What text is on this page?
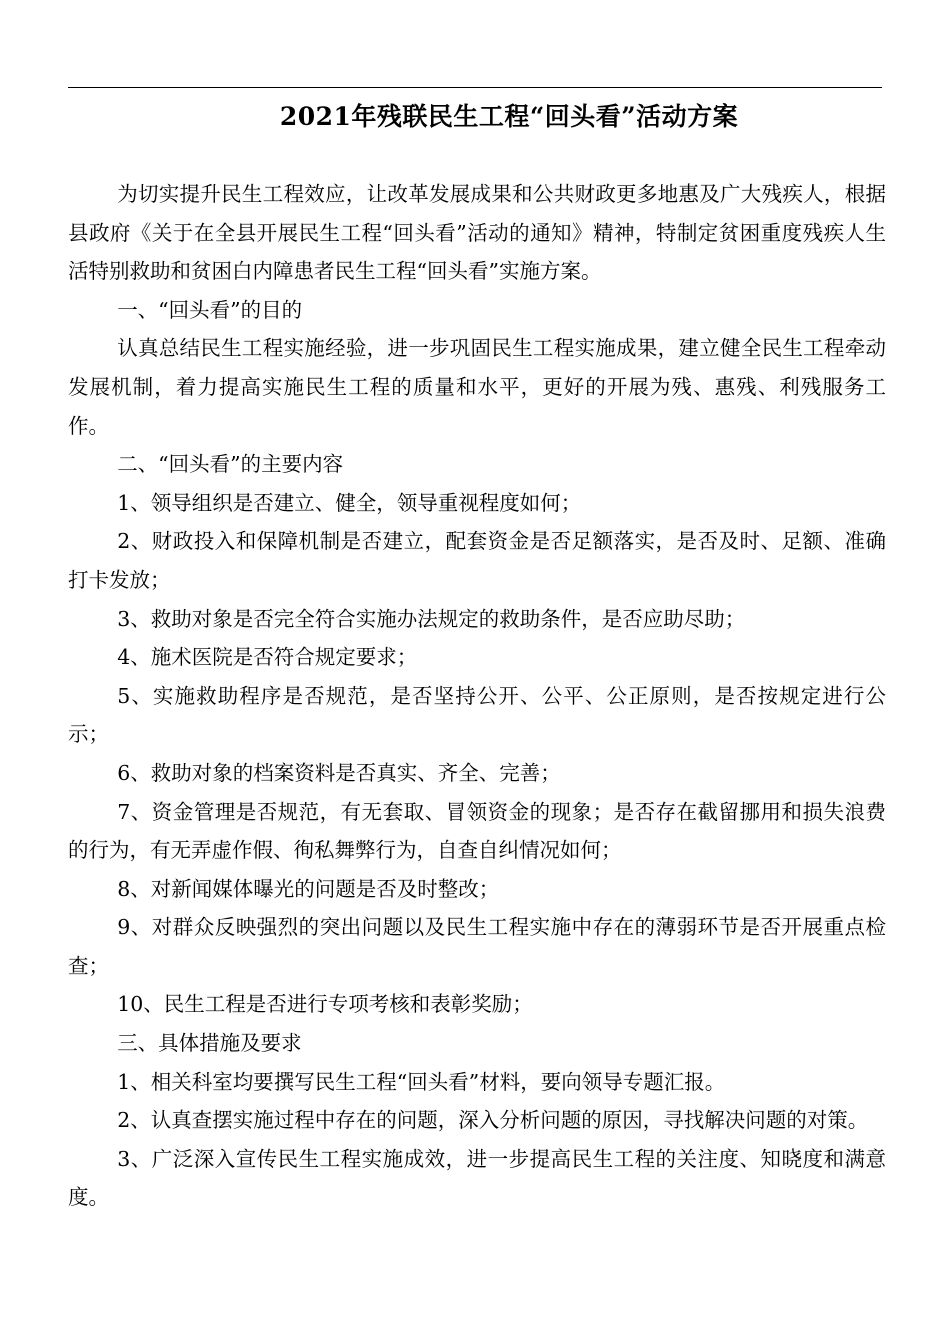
2021年残联民生工程“回头看”活动方案

为切实提升民生工程效应，让改革发展成果和公共财政更多地惠及广大残疾人，根据县政府《关于在全县开展民生工程“回头看”活动的通知》精神，特制定贫困重度残疾人生活特别救助和贫困白内障患者民生工程“回头看”实施方案。

一、“回头看”的目的

认真总结民生工程实施经验，进一步巩固民生工程实施成果，建立健全民生工程牵动发展机制，着力提高实施民生工程的质量和水平，更好的开展为残、惠残、利残服务工作。

二、“回头看”的主要内容

1、领导组织是否建立、健全，领导重视程度如何；

2、财政投入和保障机制是否建立，配套资金是否足额落实，是否及时、足额、准确打卡发放；

3、救助对象是否完全符合实施办法规定的救助条件，是否应助尽助；

4、施术医院是否符合规定要求；

5、实施救助程序是否规范，是否坚持公开、公平、公正原则，是否按规定进行公示；

6、救助对象的档案资料是否真实、齐全、完善；

7、资金管理是否规范，有无套取、冒领资金的现象；是否存在截留挪用和损失浪费的行为，有无弄虚作假、徇私舞弊行为，自查自纠情况如何；

8、对新闻媒体曝光的问题是否及时整改；

9、对群众反映强烈的突出问题以及民生工程实施中存在的薄弱环节是否开展重点检查；

10、民生工程是否进行专项考核和表彰奖励；

三、具体措施及要求

1、相关科室均要撰写民生工程“回头看”材料，要向领导专题汇报。

2、认真查摆实施过程中存在的问题，深入分析问题的原因，寻找解决问题的对策。

3、广泛深入宣传民生工程实施成效，进一步提高民生工程的关注度、知晓度和满意度。
